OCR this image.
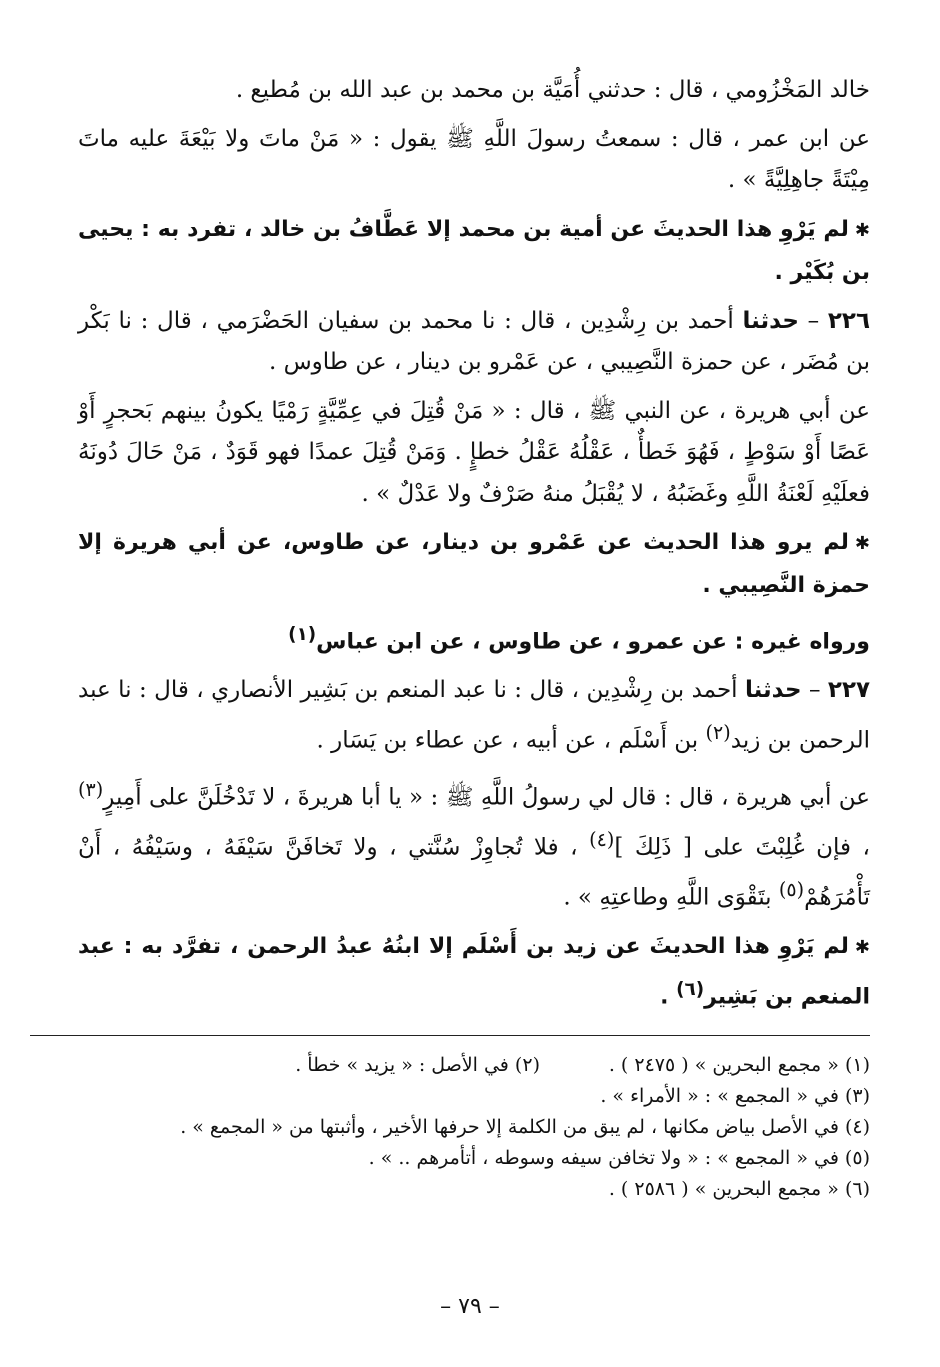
خالد المَخْزُومي ، قال : حدثني أُمَيَّة بن محمد بن عبد الله بن مُطيع .

عن ابن عمر ، قال : سمعتُ رسولَ اللَّهِ ﷺ يقول : « مَنْ ماتَ ولا بَيْعَةَ عليه ماتَ مِيْتَةً جاهِلِيَّةً » .

✱لم يَرْوِ هذا الحديثَ عن أمية بن محمد إلا عَطَّافُ بن خالد ، تفرد به : يحيى بن بُكَيْر .

٢٢٦ – حدثنا أحمد بن رِشْدِين ، قال : نا محمد بن سفيان الحَضْرَمي ، قال : نا بَكْر بن مُضَر ، عن حمزة النَّصِيبي ، عن عَمْرو بن دينار ، عن طاوس .

عن أبي هريرة ، عن النبي ﷺ ، قال : « مَنْ قُتِلَ في عِمِّيَّةٍ رَمْيًا يكونُ بينهم بَحجرٍ أَوْ عَصًا أَوْ سَوْطٍ ، فَهُوَ خَطأٌ ، عَقْلُهُ عَقْلُ خطإٍ . وَمَنْ قُتِلَ عمدًا فهو قَوَدٌ ، مَنْ حَالَ دُونَهُ فعلَيْهِ لَعْنَةُ اللَّهِ وغَضَبُهُ ، لا يُقْبَلُ منهُ صَرْفٌ ولا عَدْلٌ » .

✱لم يرو هذا الحديث عن عَمْرو بن دينار، عن طاوس، عن أبي هريرة إلا حمزة النَّصِيبي .

ورواه غيره : عن عمرو ، عن طاوس ، عن ابن عباس$^{(١)}$

٢٢٧ – حدثنا أحمد بن رِشْدِين ، قال : نا عبد المنعم بن بَشِير الأنصاري ، قال : نا عبد الرحمن بن زيد$^{(٢)}$ بن أَسْلَم ، عن أبيه ، عن عطاء بن يَسَار .

عن أبي هريرة ، قال : قال لي رسولُ اللَّهِ ﷺ : « يا أبا هريرةَ ، لا تَدْخُلَنَّ على أَمِيرٍ$^{(٣)}$ ، فإن غُلِبْتَ على [ ذَلِكَ ]$^{(٤)}$ ، فلا تُجاوِزْ سُنَّتي ، ولا تَخافَنَّ سَيْفَهُ ، وسَيْفُهُ ، أَنْ تَأْمُرَهُمْ$^{(٥)}$ بتَقْوَى اللَّهِ وطاعتِهِ » .

✱لم يَرْوِ هذا الحديثَ عن زيد بن أَسْلَم إلا ابنُهُ عبدُ الرحمن ، تفرَّد به : عبد المنعم بن بَشِير$^{(٦)}$ .

(١) « مجمع البحرين » ( ٢٤٧٥ ) .
(٢) في الأصل : « يزيد » خطأ .
(٣) في « المجمع » : « الأمراء » .
(٤) في الأصل بياض مكانها ، لم يبق من الكلمة إلا حرفها الأخير ، وأثبتها من « المجمع » .
(٥) في « المجمع » : « ولا تخافن سيفه وسوطه ، أتأمرهم .. » .
(٦) « مجمع البحرين » ( ٢٥٨٦ ) .
– ٧٩ –
